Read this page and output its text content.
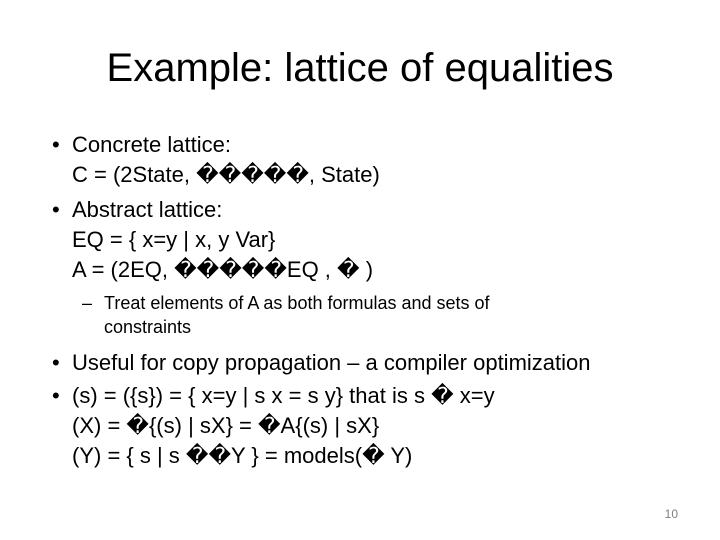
Example: lattice of equalities
• Concrete lattice:
C = (2State, �����, State)
• Abstract lattice:
EQ = { x=y | x, y Var}
A = (2EQ, �����EQ , � )
– Treat elements of A as both formulas and sets of
constraints
• Useful for copy propagation – a compiler optimization
• (s) = ({s}) = { x=y | s x = s y} that is s � x=y
(X) = �{(s) | sX} = �A{(s) | sX}
(Y) = { s | s ��Y } = models(� Y)
10
